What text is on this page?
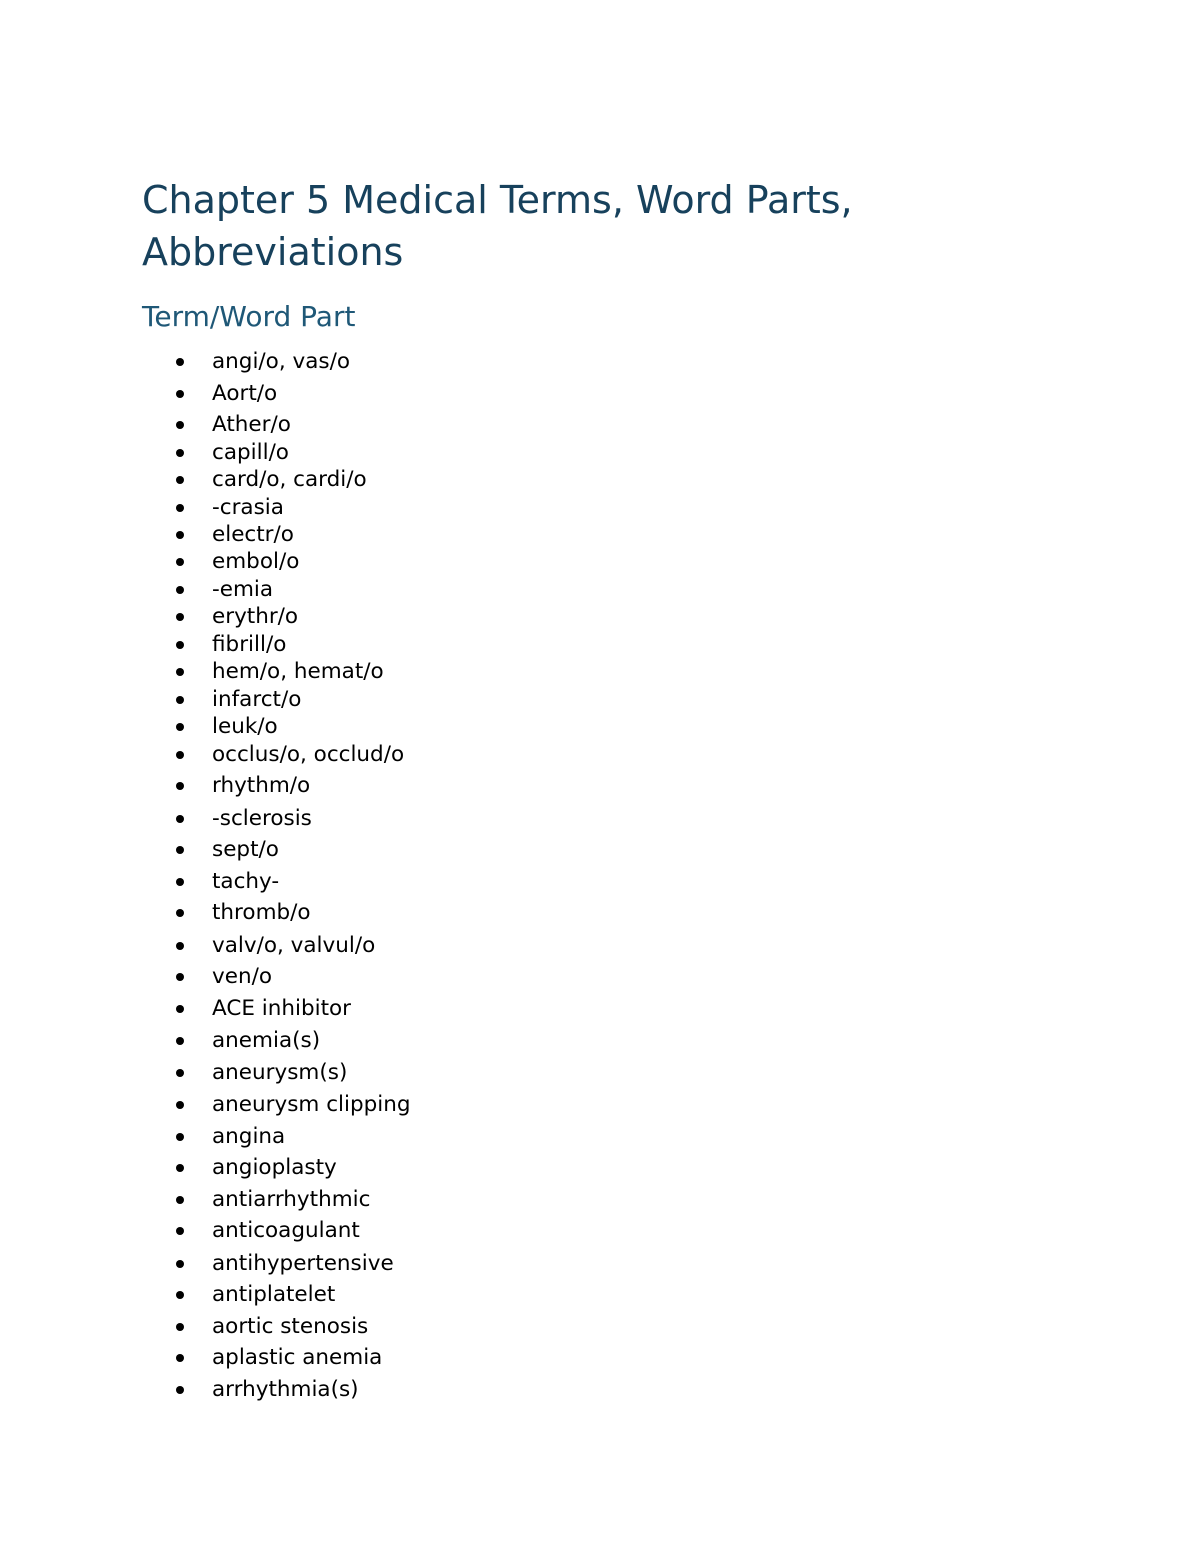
Chapter 5 Medical Terms, Word Parts, Abbreviations
Term/Word Part
angi/o, vas/o
Aort/o
Ather/o
capill/o
card/o, cardi/o
-crasia
electr/o
embol/o
-emia
erythr/o
fibrill/o
hem/o, hemat/o
infarct/o
leuk/o
occlus/o, occlud/o
rhythm/o
-sclerosis
sept/o
tachy-
thromb/o
valv/o, valvul/o
ven/o
ACE inhibitor
anemia(s)
aneurysm(s)
aneurysm clipping
angina
angioplasty
antiarrhythmic
anticoagulant
antihypertensive
antiplatelet
aortic stenosis
aplastic anemia
arrhythmia(s)
